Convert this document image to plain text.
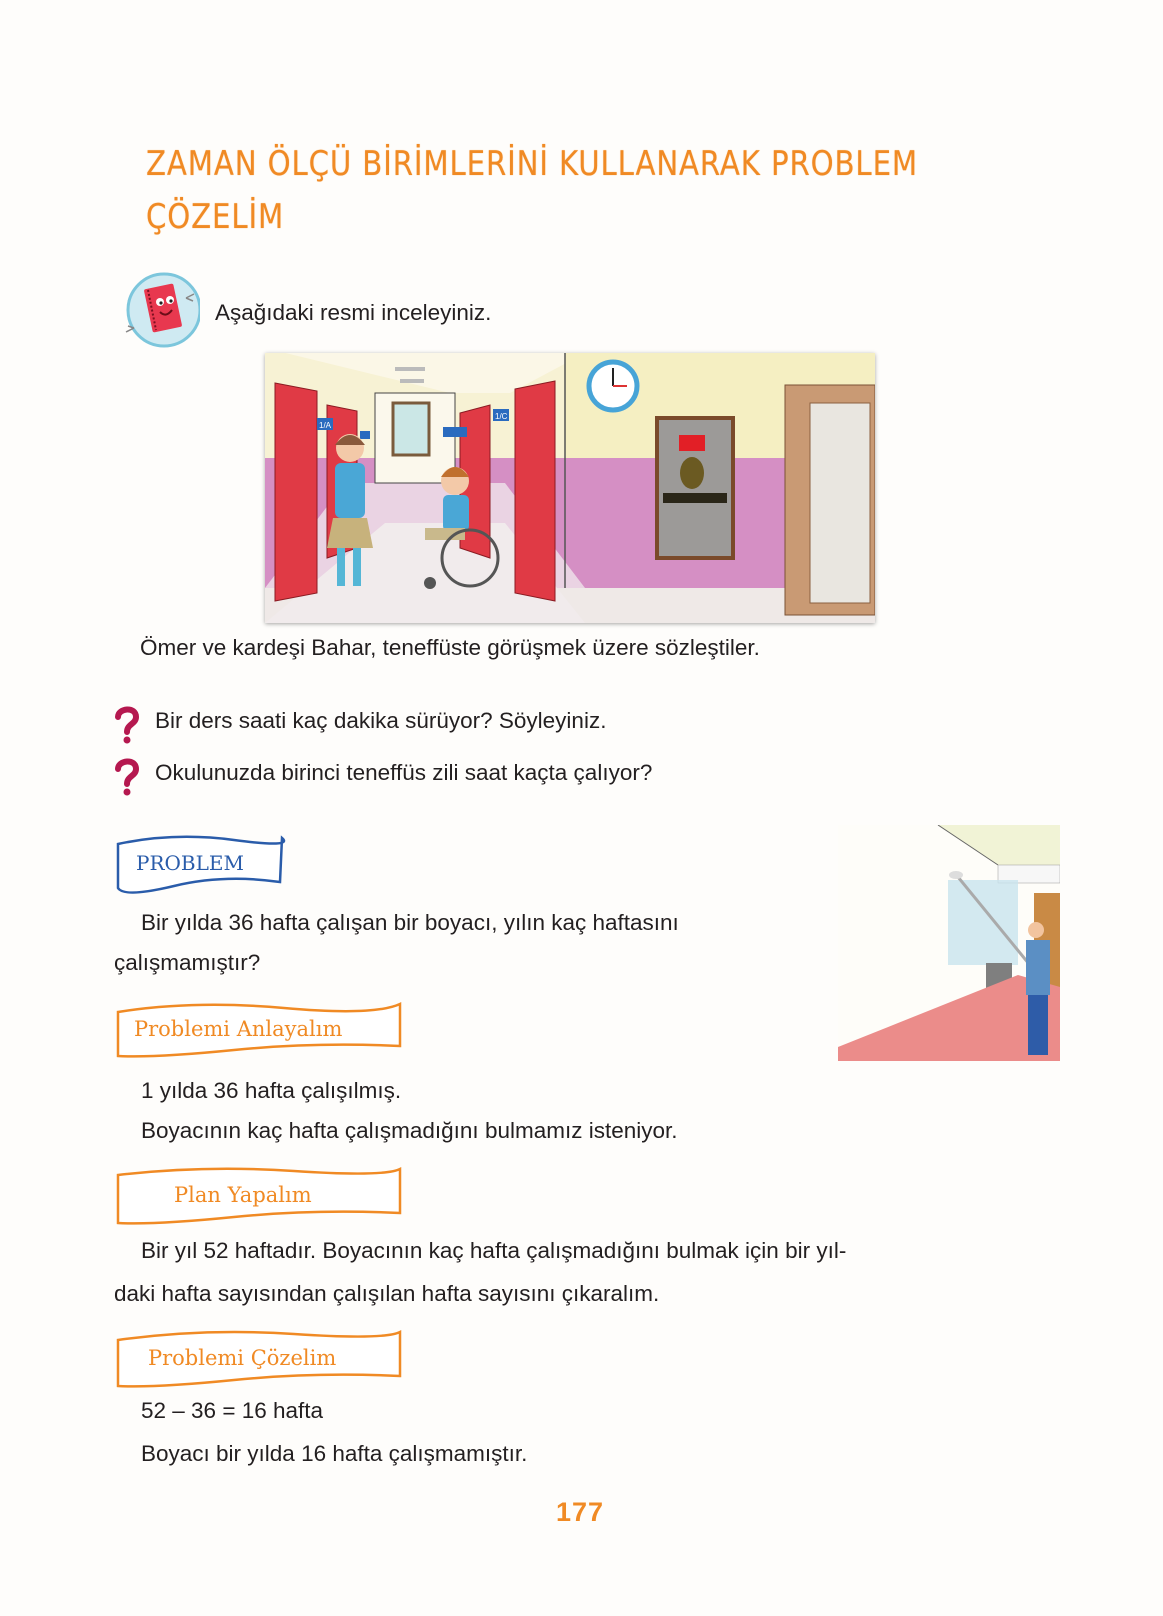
ZAMAN ÖLÇÜ BİRİMLERİNİ KULLANARAK PROBLEM
ÇÖZELİM
Aşağıdaki resmi inceleyiniz.
1/A
1/C
Ömer ve kardeşi Bahar, teneffüste görüşmek üzere sözleştiler.
Bir ders saati kaç dakika sürüyor? Söyleyiniz.
Okulunuzda birinci teneffüs zili saat kaçta çalıyor?
PROBLEM
Bir yılda 36 hafta çalışan bir boyacı, yılın kaç haftasını
çalışmamıştır?
Problemi Anlayalım
1 yılda 36 hafta çalışılmış.
Boyacının kaç hafta çalışmadığını bulmamız isteniyor.
Plan Yapalım
Bir yıl 52 haftadır. Boyacının kaç hafta çalışmadığını bulmak için bir yıl-
daki hafta sayısından çalışılan hafta sayısını çıkaralım.
Problemi Çözelim
52 – 36 = 16 hafta
Boyacı bir yılda 16 hafta çalışmamıştır.
177
